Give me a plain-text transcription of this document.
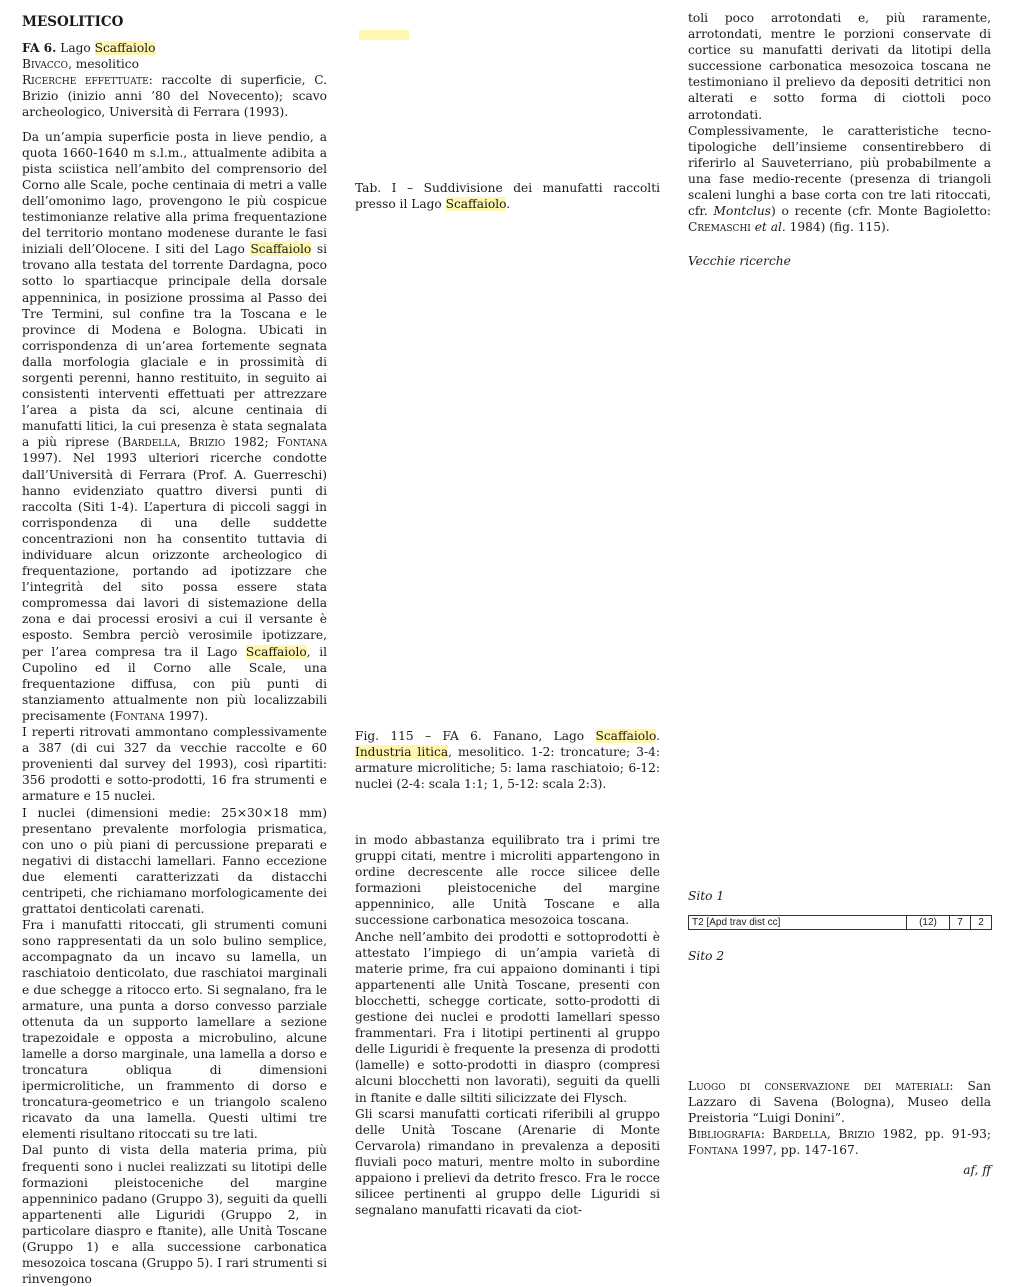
MESOLITICO

FA 6. Lago Scaffaiolo

Bivacco, mesolitico

Ricerche effettuate: raccolte di superficie, C. Brizio (inizio anni ’80 del Novecento); scavo archeologico, Università di Ferrara (1993).

Da un’ampia superficie posta in lieve pendio, a quota 1660-1640 m s.l.m., attualmente adibita a pista sciistica nell’ambito del comprensorio del Corno alle Scale, poche centinaia di metri a valle dell’omonimo lago, provengono le più cospicue testimonianze relative alla prima frequentazione del territorio montano modenese durante le fasi iniziali dell’Olocene. I siti del Lago Scaffaiolo si trovano alla testata del torrente Dardagna, poco sotto lo spartiacque principale della dorsale appenninica, in posizione prossima al Passo dei Tre Termini, sul confine tra la Toscana e le province di Modena e Bologna. Ubicati in corrispondenza di un’area fortemente segnata dalla morfologia glaciale e in prossimità di sorgenti perenni, hanno restituito, in seguito ai consistenti interventi effettuati per attrezzare l’area a pista da sci, alcune centinaia di manufatti litici, la cui presenza è stata segnalata a più riprese (Bardella, Brizio 1982; Fontana 1997). Nel 1993 ulteriori ricerche condotte dall’Università di Ferrara (Prof. A. Guerreschi) hanno evidenziato quattro diversi punti di raccolta (Siti 1-4). L’apertura di piccoli saggi in corrispondenza di una delle suddette concentrazioni non ha consentito tuttavia di individuare alcun orizzonte archeologico di frequentazione, portando ad ipotizzare che l’integrità del sito possa essere stata compromessa dai lavori di sistemazione della zona e dai processi erosivi a cui il versante è esposto. Sembra perciò verosimile ipotizzare, per l’area compresa tra il Lago Scaffaiolo, il Cupolino ed il Corno alle Scale, una frequentazione diffusa, con più punti di stanziamento attualmente non più localizzabili precisamente (Fontana 1997).

I reperti ritrovati ammontano complessivamente a 387 (di cui 327 da vecchie raccolte e 60 provenienti dal survey del 1993), così ripartiti: 356 prodotti e sotto-prodotti, 16 fra strumenti e armature e 15 nuclei.

I nuclei (dimensioni medie: 25×30×18 mm) presentano prevalente morfologia prismatica, con uno o più piani di percussione preparati e negativi di distacchi lamellari. Fanno eccezione due elementi caratterizzati da distacchi centripeti, che richiamano morfologicamente dei grattatoi denticolati carenati.

Fra i manufatti ritoccati, gli strumenti comuni sono rappresentati da un solo bulino semplice, accompagnato da un incavo su lamella, un raschiatoio denticolato, due raschiatoi marginali e due schegge a ritocco erto. Si segnalano, fra le armature, una punta a dorso convesso parziale ottenuta da un supporto lamellare a sezione trapezoidale e opposta a microbulino, alcune lamelle a dorso marginale, una lamella a dorso e troncatura obliqua di dimensioni ipermicrolitiche, un frammento di dorso e troncatura-geometrico e un triangolo scaleno ricavato da una lamella. Questi ultimi tre elementi risultano ritoccati su tre lati.

Dal punto di vista della materia prima, più frequenti sono i nuclei realizzati su litotipi delle formazioni pleistoceniche del margine appenninico padano (Gruppo 3), seguiti da quelli appartenenti alle Liguridi (Gruppo 2, in particolare diaspro e ftanite), alle Unità Toscane (Gruppo 1) e alla successione carbonatica mesozoica toscana (Gruppo 5). I rari strumenti si rinvengono

Tab. I – Suddivisione dei manufatti raccolti presso il Lago Scaffaiolo.

Fig. 115 – FA 6. Fanano, Lago Scaffaiolo. Industria litica, mesolitico. 1-2: troncature; 3-4: armature microlitiche; 5: lama raschiatoio; 6-12: nuclei (2-4: scala 1:1; 1, 5-12: scala 2:3).

in modo abbastanza equilibrato tra i primi tre gruppi citati, mentre i microliti appartengono in ordine decrescente alle rocce silicee delle formazioni pleistoceniche del margine appenninico, alle Unità Toscane e alla successione carbonatica mesozoica toscana.

Anche nell’ambito dei prodotti e sottoprodotti è attestato l’impiego di un’ampia varietà di materie prime, fra cui appaiono dominanti i tipi appartenenti alle Unità Toscane, presenti con blocchetti, schegge corticate, sotto-prodotti di gestione dei nuclei e prodotti lamellari spesso frammentari. Fra i litotipi pertinenti al gruppo delle Liguridi è frequente la presenza di prodotti (lamelle) e sotto-prodotti in diaspro (compresi alcuni blocchetti non lavorati), seguiti da quelli in ftanite e dalle siltiti silicizzate dei Flysch.

Gli scarsi manufatti corticati riferibili al gruppo delle Unità Toscane (Arenarie di Monte Cervarola) rimandano in prevalenza a depositi fluviali poco maturi, mentre molto in subordine appaiono i prelievi da detrito fresco. Fra le rocce silicee pertinenti al gruppo delle Liguridi si segnalano manufatti ricavati da ciot-

toli poco arrotondati e, più raramente, arrotondati, mentre le porzioni conservate di cortice su manufatti derivati da litotipi della successione carbonatica mesozoica toscana ne testimoniano il prelievo da depositi detritici non alterati e sotto forma di ciottoli poco arrotondati.

Complessivamente, le caratteristiche tecno-tipologiche dell’insieme consentirebbero di riferirlo al Sauveterriano, più probabilmente a una fase medio-recente (presenza di triangoli scaleni lunghi a base corta con tre lati ritoccati, cfr. Montclus) o recente (cfr. Monte Bagioletto: Cremaschi et al. 1984) (fig. 115).

Vecchie ricerche

Sito 1

T2 [Apd trav dist cc]	(12)	7	2

Sito 2

Luogo di conservazione dei materiali: San Lazzaro di Savena (Bologna), Museo della Preistoria “Luigi Donini”.

Bibliografia: Bardella, Brizio 1982, pp. 91-93; Fontana 1997, pp. 147-167.

af, ff
